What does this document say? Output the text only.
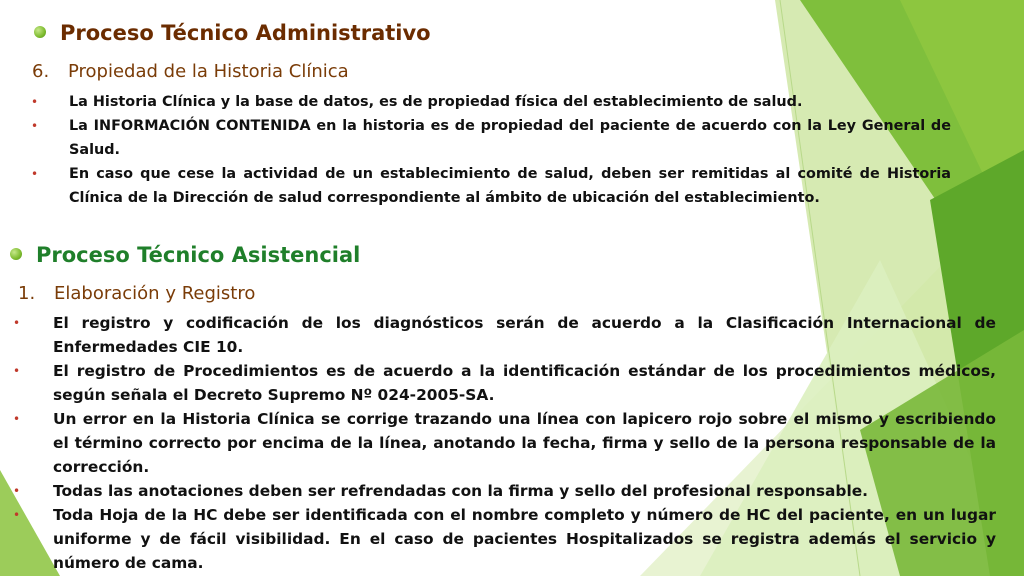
Proceso Técnico Administrativo
6. Propiedad de la Historia Clínica
• La Historia Clínica y la base de datos, es de propiedad física del establecimiento de salud.
• La INFORMACIÓN CONTENIDA en la historia es de propiedad del paciente de acuerdo con la Ley General de Salud.
• En caso que cese la actividad de un establecimiento de salud, deben ser remitidas al comité de Historia Clínica de la Dirección de salud correspondiente al ámbito de ubicación del establecimiento.
Proceso Técnico Asistencial
1. Elaboración y Registro
• El registro y codificación de los diagnósticos serán de acuerdo a la Clasificación Internacional de Enfermedades CIE 10.
• El registro de Procedimientos es de acuerdo a la identificación estándar de los procedimientos médicos, según señala el Decreto Supremo Nº 024-2005-SA.
• Un error en la Historia Clínica se corrige trazando una línea con lapicero rojo sobre el mismo y escribiendo el término correcto por encima de la línea, anotando la fecha, firma y sello de la persona responsable de la corrección.
• Todas las anotaciones deben ser refrendadas con la firma y sello del profesional responsable.
• Toda Hoja de la HC debe ser identificada con el nombre completo y número de HC del paciente, en un lugar uniforme y de fácil visibilidad. En el caso de pacientes Hospitalizados se registra además el servicio y número de cama.
